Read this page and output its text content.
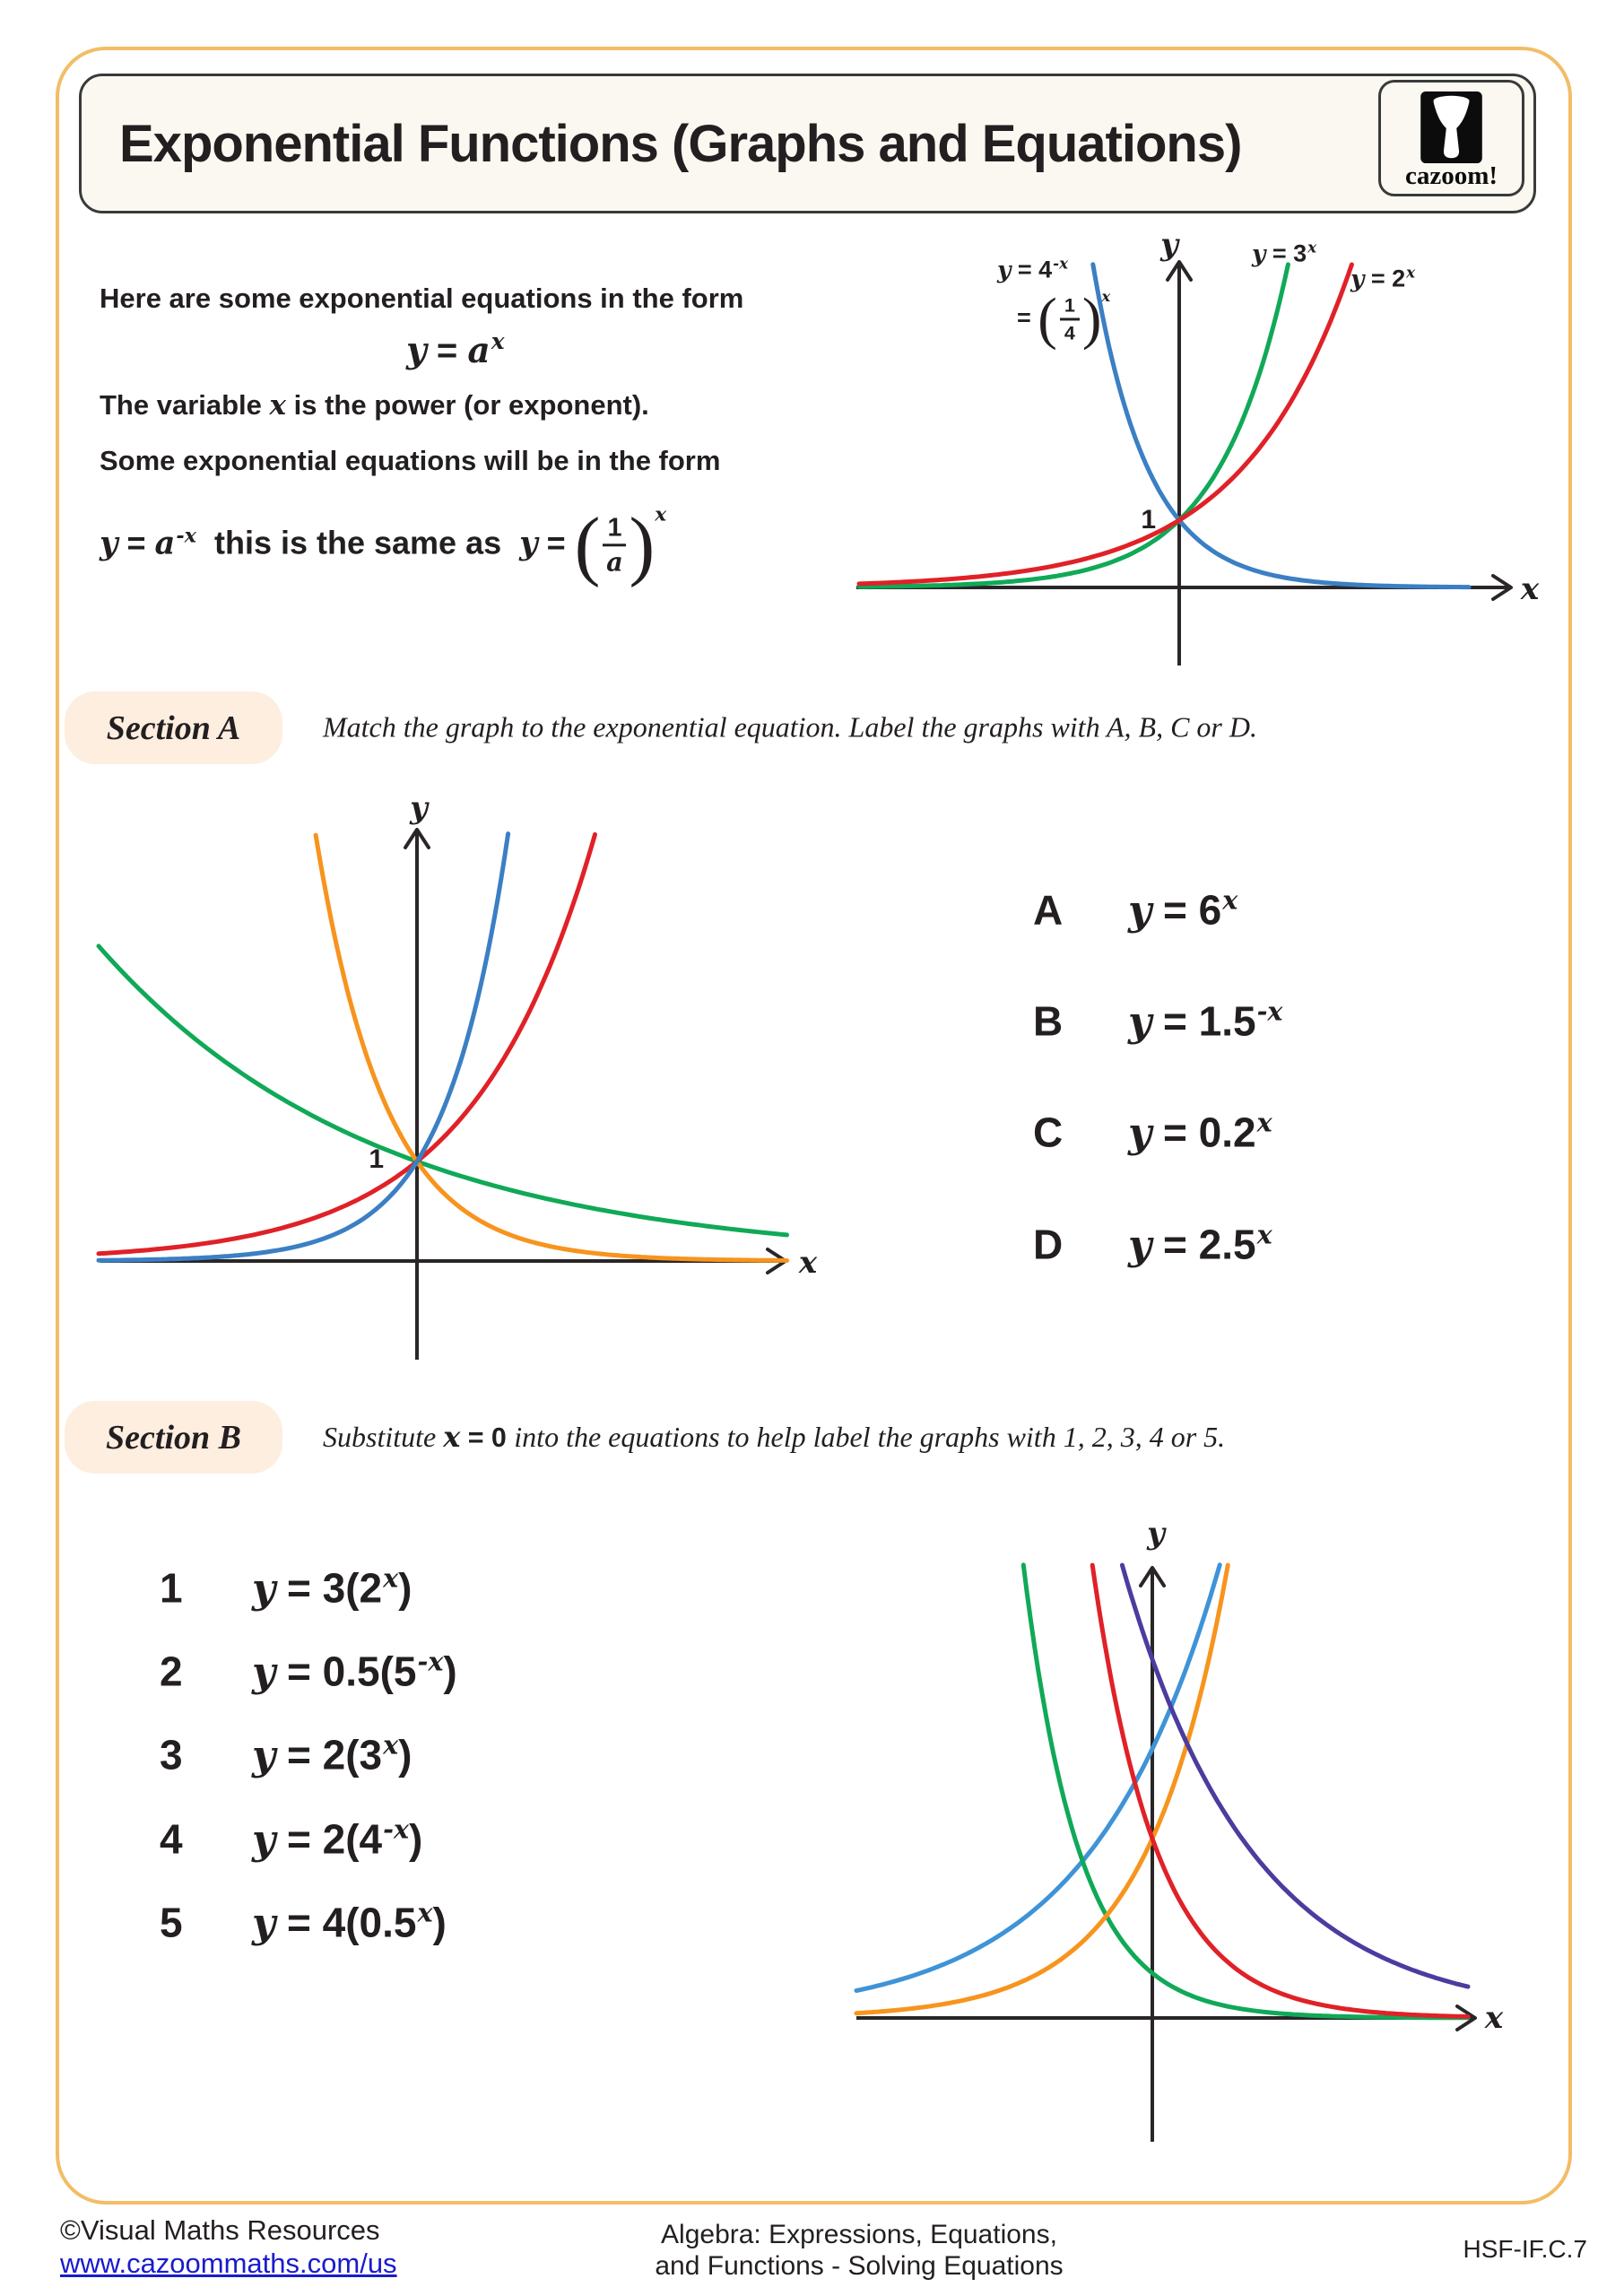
Exponential Functions (Graphs and Equations)
cazoom!
Here are some exponential equations in the form
$y = a^x$
The variable x is the power (or exponent).
Some exponential equations will be in the form
$y = a^{-x}$  this is the same as  y = ( $\frac{1}{a}$ ) x
Section A	Match the graph to the exponential equation. Label the graphs with A, B, C or D.
Section B	Substitute x = 0 into the equations to help label the graphs with 1, 2, 3, 4 or 5.
x
y
1
x
y
1
x
y
©Visual Maths Resources
www.cazoommaths.com/us
Algebra: Expressions, Equations,
and Functions - Solving Equations
HSF-IF.C.7
A $y = 6^x$
B $y = 1.5^{-x}$
C $y = 0.2^x$
D $y = 2.5^x$
1 $y = 3(2^x)$
2 $y = 0.5(5^{-x})$
3 $y = 2(3^x)$
4 $y = 2(4^{-x})$
5 $y = 4(0.5^x)$
$y = 4^{-x}$
= ( $\frac{1}{4}$ ) x
$y = 3^x$
$y = 2^x$
